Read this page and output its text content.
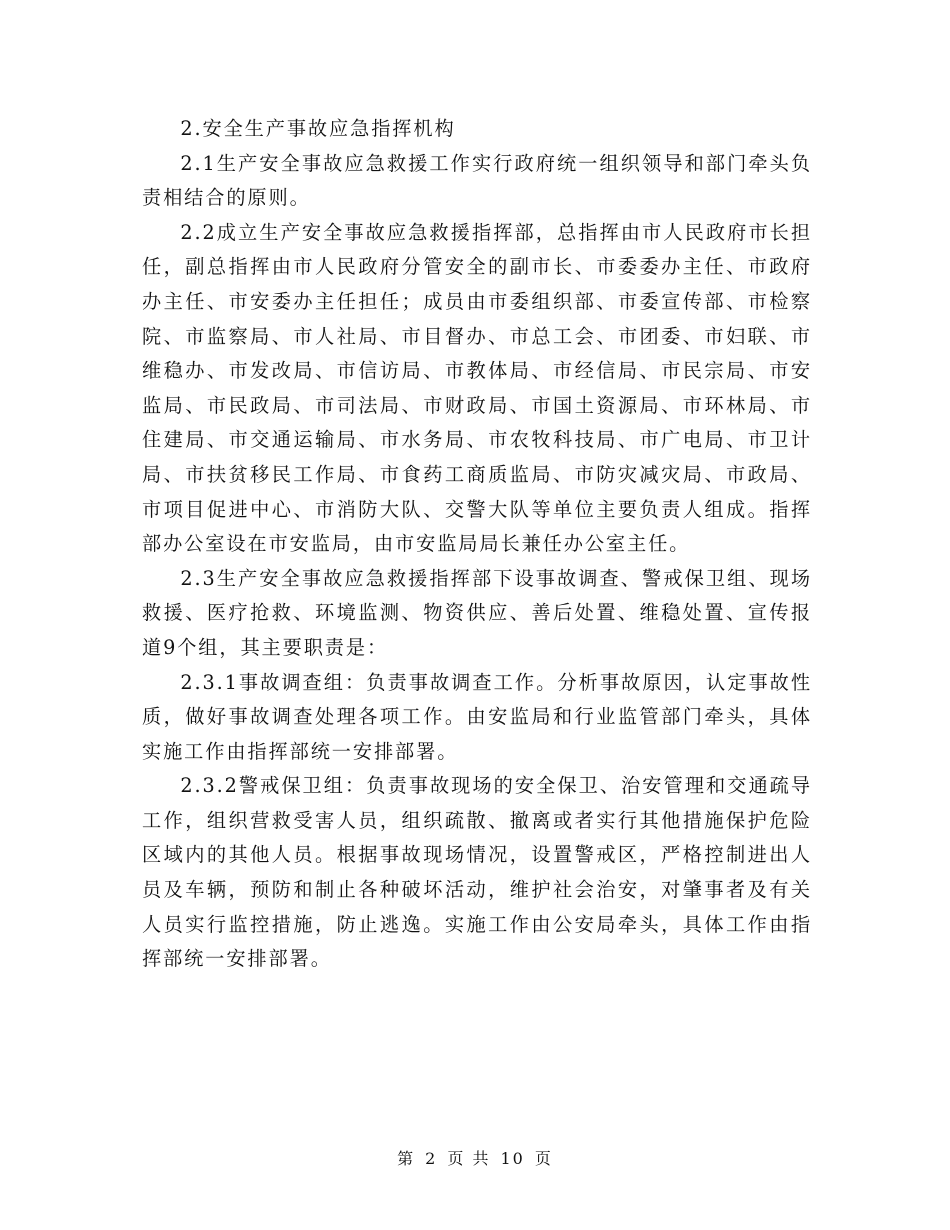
2.安全生产事故应急指挥机构

2.1生产安全事故应急救援工作实行政府统一组织领导和部门牵头负责相结合的原则。

2.2成立生产安全事故应急救援指挥部，总指挥由市人民政府市长担任，副总指挥由市人民政府分管安全的副市长、市委委办主任、市政府办主任、市安委办主任担任；成员由市委组织部、市委宣传部、市检察院、市监察局、市人社局、市目督办、市总工会、市团委、市妇联、市维稳办、市发改局、市信访局、市教体局、市经信局、市民宗局、市安监局、市民政局、市司法局、市财政局、市国土资源局、市环林局、市住建局、市交通运输局、市水务局、市农牧科技局、市广电局、市卫计局、市扶贫移民工作局、市食药工商质监局、市防灾减灾局、市政局、市项目促进中心、市消防大队、交警大队等单位主要负责人组成。指挥部办公室设在市安监局，由市安监局局长兼任办公室主任。

2.3生产安全事故应急救援指挥部下设事故调查、警戒保卫组、现场救援、医疗抢救、环境监测、物资供应、善后处置、维稳处置、宣传报道9个组，其主要职责是：

2.3.1事故调查组：负责事故调查工作。分析事故原因，认定事故性质，做好事故调查处理各项工作。由安监局和行业监管部门牵头，具体实施工作由指挥部统一安排部署。

2.3.2警戒保卫组：负责事故现场的安全保卫、治安管理和交通疏导工作，组织营救受害人员，组织疏散、撤离或者实行其他措施保护危险区域内的其他人员。根据事故现场情况，设置警戒区，严格控制进出人员及车辆，预防和制止各种破坏活动，维护社会治安，对肇事者及有关人员实行监控措施，防止逃逸。实施工作由公安局牵头，具体工作由指挥部统一安排部署。

第 2 页 共 10 页
